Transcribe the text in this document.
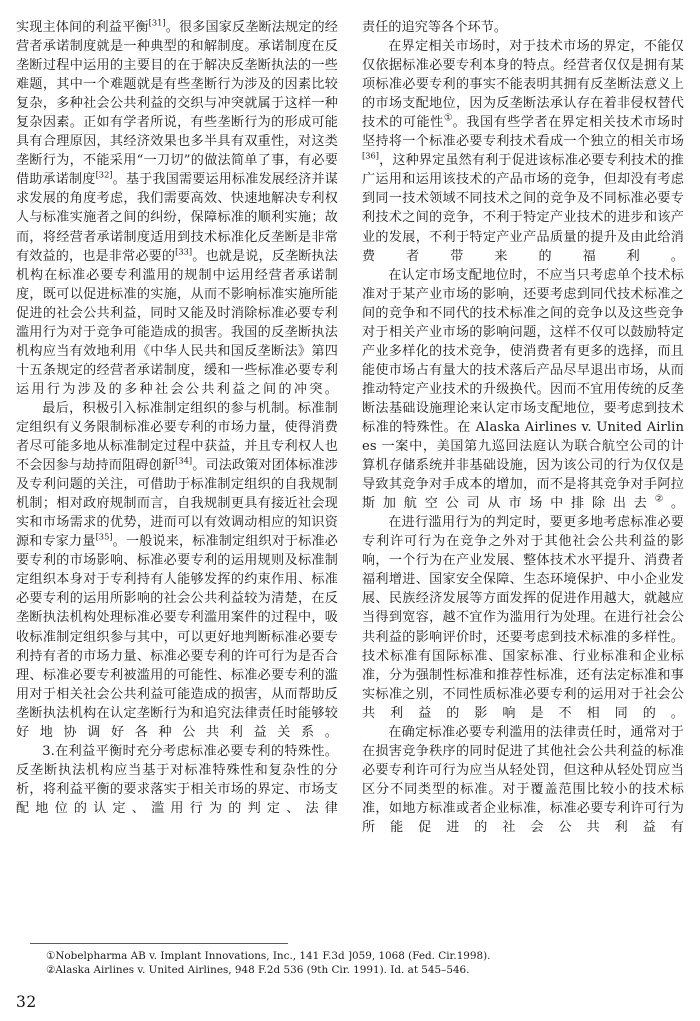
实现主体间的利益平衡[31]。很多国家反垄断法规定的经营者承诺制度就是一种典型的和解制度。承诺制度在反垄断过程中运用的主要目的在于解决反垄断执法的一些难题，其中一个难题就是有些垄断行为涉及的因素比较复杂，多种社会公共利益的交织与冲突就属于这样一种复杂因素。正如有学者所说，有些垄断行为的形成可能具有合理原因，其经济效果也多半具有双重性，对这类垄断行为，不能采用“一刀切”的做法简单了事，有必要借助承诺制度[32]。基于我国需要运用标准发展经济并谋求发展的角度考虑，我们需要高效、快速地解决专利权人与标准实施者之间的纠纷，保障标准的顺利实施；故而，将经营者承诺制度适用到技术标准化反垄断是非常有效益的，也是非常必要的[33]。也就是说，反垄断执法机构在标准必要专利滥用的规制中运用经营者承诺制度，既可以促进标准的实施，从而不影响标准实施所能促进的社会公共利益，同时又能及时消除标准必要专利滥用行为对于竞争可能造成的损害。我国的反垄断执法机构应当有效地利用《中华人民共和国反垄断法》第四十五条规定的经营者承诺制度，缓和一些标准必要专利运用行为涉及的多种社会公共利益之间的冲突。

最后，积极引入标准制定组织的参与机制。标准制定组织有义务限制标准必要专利的市场力量，使得消费者尽可能多地从标准制定过程中获益，并且专利权人也不会因参与劫持而阻碍创新[34]。司法政策对团体标准涉及专利问题的关注，可借助于标准制定组织的自我规制机制；相对政府规制而言，自我规制更具有接近社会现实和市场需求的优势，进而可以有效调动相应的知识资源和专家力量[35]。一般说来，标准制定组织对于标准必要专利的市场影响、标准必要专利的运用规则及标准制定组织本身对于专利持有人能够发挥的约束作用、标准必要专利的运用所影响的社会公共利益较为清楚，在反垄断执法机构处理标准必要专利滥用案件的过程中，吸收标准制定组织参与其中，可以更好地判断标准必要专利持有者的市场力量、标准必要专利的许可行为是否合理、标准必要专利被滥用的可能性、标准必要专利的滥用对于相关社会公共利益可能造成的损害，从而帮助反垄断执法机构在认定垄断行为和追究法律责任时能够较好地协调好各种公共利益关系。

3.在利益平衡时充分考虑标准必要专利的特殊性。反垄断执法机构应当基于对标准特殊性和复杂性的分析，将利益平衡的要求落实于相关市场的界定、市场支配地位的认定、滥用行为的判定、法律

责任的追究等各个环节。

在界定相关市场时，对于技术市场的界定，不能仅仅依据标准必要专利本身的特点。经营者仅仅是拥有某项标准必要专利的事实不能表明其拥有反垄断法意义上的市场支配地位，因为反垄断法承认存在着非侵权替代技术的可能性①。我国有些学者在界定相关技术市场时坚持将一个标准必要专利技术看成一个独立的相关市场[36]，这种界定虽然有利于促进该标准必要专利技术的推广运用和运用该技术的产品市场的竞争，但却没有考虑到同一技术领域不同技术之间的竞争及不同标准必要专利技术之间的竞争，不利于特定产业技术的进步和该产业的发展，不利于特定产业产品质量的提升及由此给消费者带来的福利。

在认定市场支配地位时，不应当只考虑单个技术标准对于某产业市场的影响，还要考虑到同代技术标准之间的竞争和不同代的技术标准之间的竞争以及这些竞争对于相关产业市场的影响问题，这样不仅可以鼓励特定产业多样化的技术竞争，使消费者有更多的选择，而且能使市场占有量大的技术落后产品尽早退出市场，从而推动特定产业技术的升级换代。因而不宜用传统的反垄断法基础设施理论来认定市场支配地位，要考虑到技术标准的特殊性。在 Alaska Airlines v. United Airlines 一案中，美国第九巡回法庭认为联合航空公司的计算机存储系统并非基础设施，因为该公司的行为仅仅是导致其竞争对手成本的增加，而不是将其竞争对手阿拉斯加航空公司从市场中排除出去②。

在进行滥用行为的判定时，要更多地考虑标准必要专利许可行为在竞争之外对于其他社会公共利益的影响，一个行为在产业发展、整体技术水平提升、消费者福利增进、国家安全保障、生态环境保护、中小企业发展、民族经济发展等方面发挥的促进作用越大，就越应当得到宽容，越不宜作为滥用行为处理。在进行社会公共利益的影响评价时，还要考虑到技术标准的多样性。技术标准有国际标准、国家标准、行业标准和企业标准，分为强制性标准和推荐性标准，还有法定标准和事实标准之别，不同性质标准必要专利的运用对于社会公共利益的影响是不相同的。

在确定标准必要专利滥用的法律责任时，通常对于在损害竞争秩序的同时促进了其他社会公共利益的标准必要专利许可行为应当从轻处罚，但这种从轻处罚应当区分不同类型的标准。对于覆盖范围比较小的技术标准，如地方标准或者企业标准，标准必要专利许可行为所能促进的社会公共利益有

①Nobelpharma AB v. Implant Innovations, Inc., 141 F.3d ]059, 1068 (Fed. Cir.1998).
②Alaska Airlines v. United Airlines, 948 F.2d 536 (9th Cir. 1991). Id. at 545–546.
32
